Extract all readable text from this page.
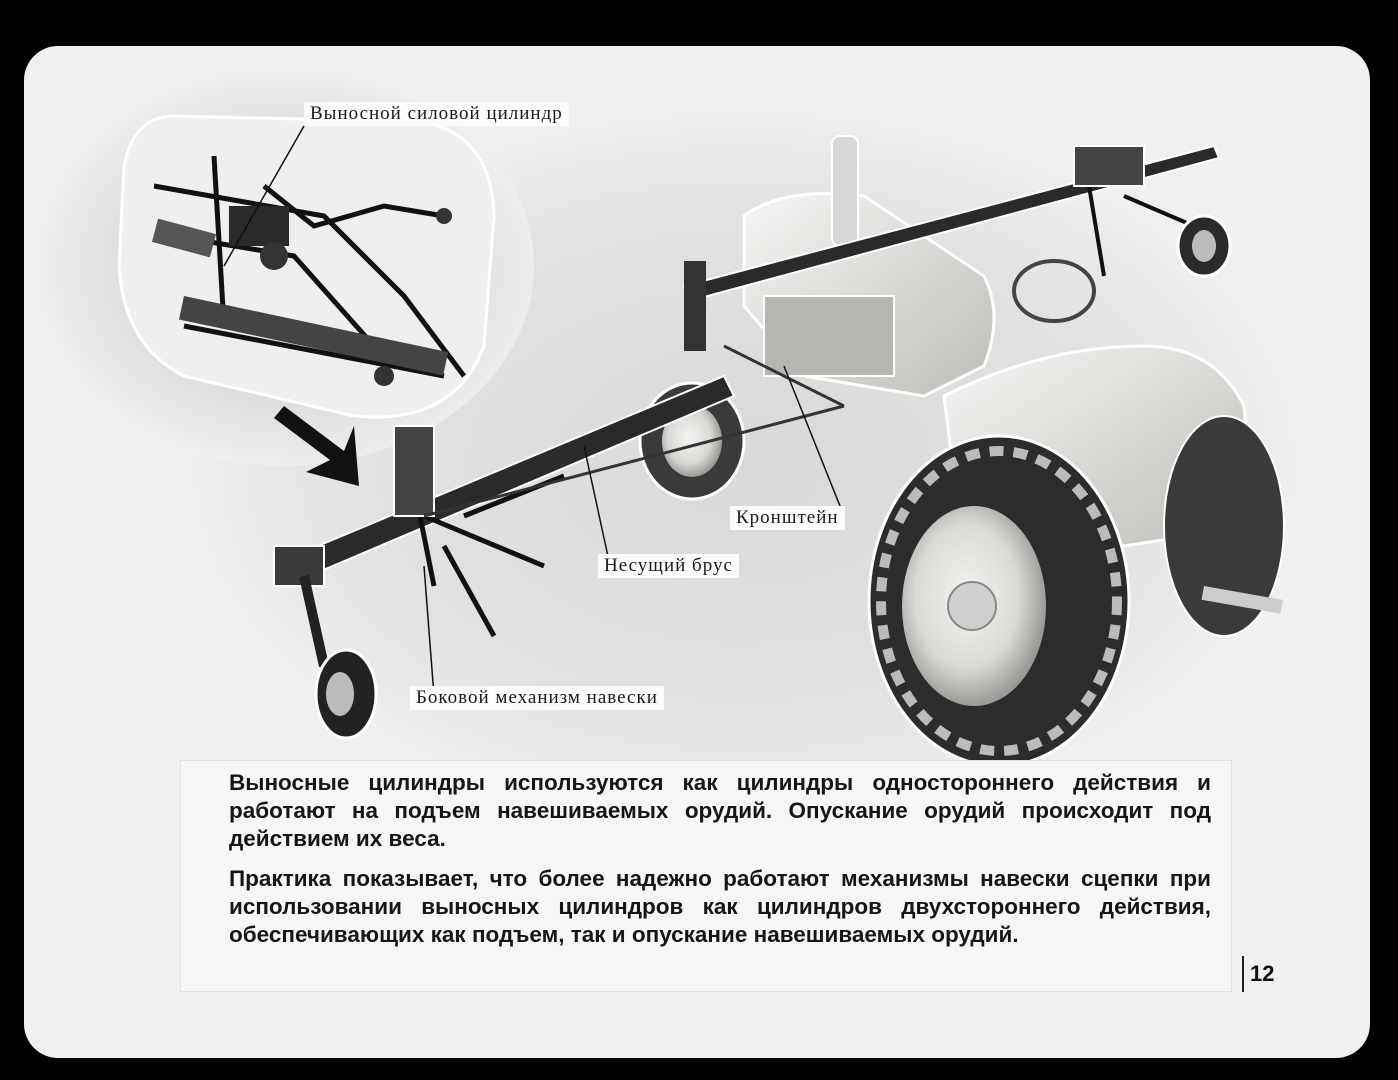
Выносной силовой цилиндр
Кронштейн
Несущий брус
Боковой механизм навески

Выносные цилиндры используются как цилиндры одностороннего действия и работают на подъем навешиваемых орудий. Опускание орудий происходит под действием их веса.

Практика показывает, что более надежно работают механизмы навески сцепки при использовании выносных цилиндров как цилиндров двухстороннего действия, обеспечивающих как подъем, так и опускание навешиваемых орудий.

12
